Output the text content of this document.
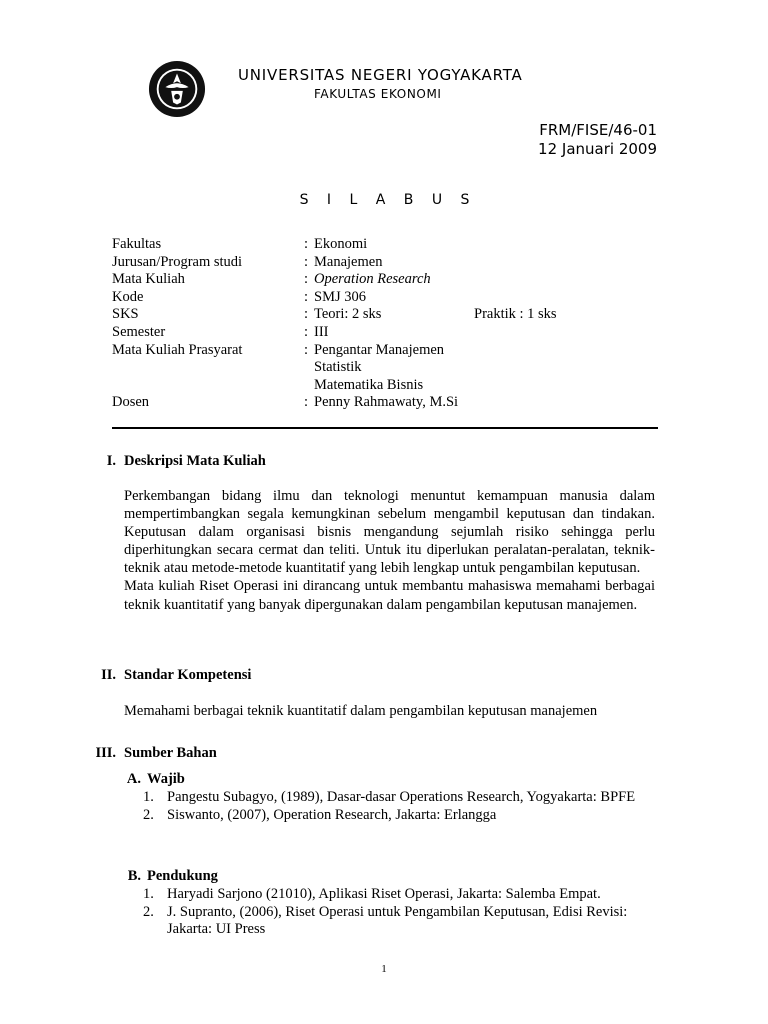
UNIVERSITAS NEGERI YOGYAKARTA
FAKULTAS EKONOMI
FRM/FISE/46-01
12 Januari 2009
S I L A B U S
Fakultas	: Ekonomi
Jurusan/Program studi	: Manajemen
Mata Kuliah	: Operation Research
Kode	: SMJ 306
SKS	: Teori: 2 sks	Praktik : 1 sks
Semester	: III
Mata Kuliah Prasyarat	: Pengantar Manajemen
Statistik
Matematika Bisnis
Dosen	: Penny Rahmawaty, M.Si
I. Deskripsi Mata Kuliah

Perkembangan bidang ilmu dan teknologi menuntut kemampuan manusia dalam mempertimbangkan segala kemungkinan sebelum mengambil keputusan dan tindakan. Keputusan dalam organisasi bisnis mengandung sejumlah risiko sehingga perlu diperhitungkan secara cermat dan teliti. Untuk itu diperlukan peralatan-peralatan, teknik-teknik atau metode-metode kuantitatif yang lebih lengkap untuk pengambilan keputusan.

Mata kuliah Riset Operasi ini dirancang untuk membantu mahasiswa memahami berbagai teknik kuantitatif yang banyak dipergunakan dalam pengambilan keputusan manajemen.

II. Standar Kompetensi
Memahami berbagai teknik kuantitatif dalam pengambilan keputusan manajemen
III. Sumber Bahan
A. Wajib
1. Pangestu Subagyo, (1989), Dasar-dasar Operations Research, Yogyakarta: BPFE
2. Siswanto, (2007), Operation Research, Jakarta: Erlangga
B. Pendukung
1. Haryadi Sarjono (21010), Aplikasi Riset Operasi, Jakarta: Salemba Empat.
2. J. Supranto, (2006), Riset Operasi untuk Pengambilan Keputusan, Edisi Revisi: Jakarta: UI Press
1
